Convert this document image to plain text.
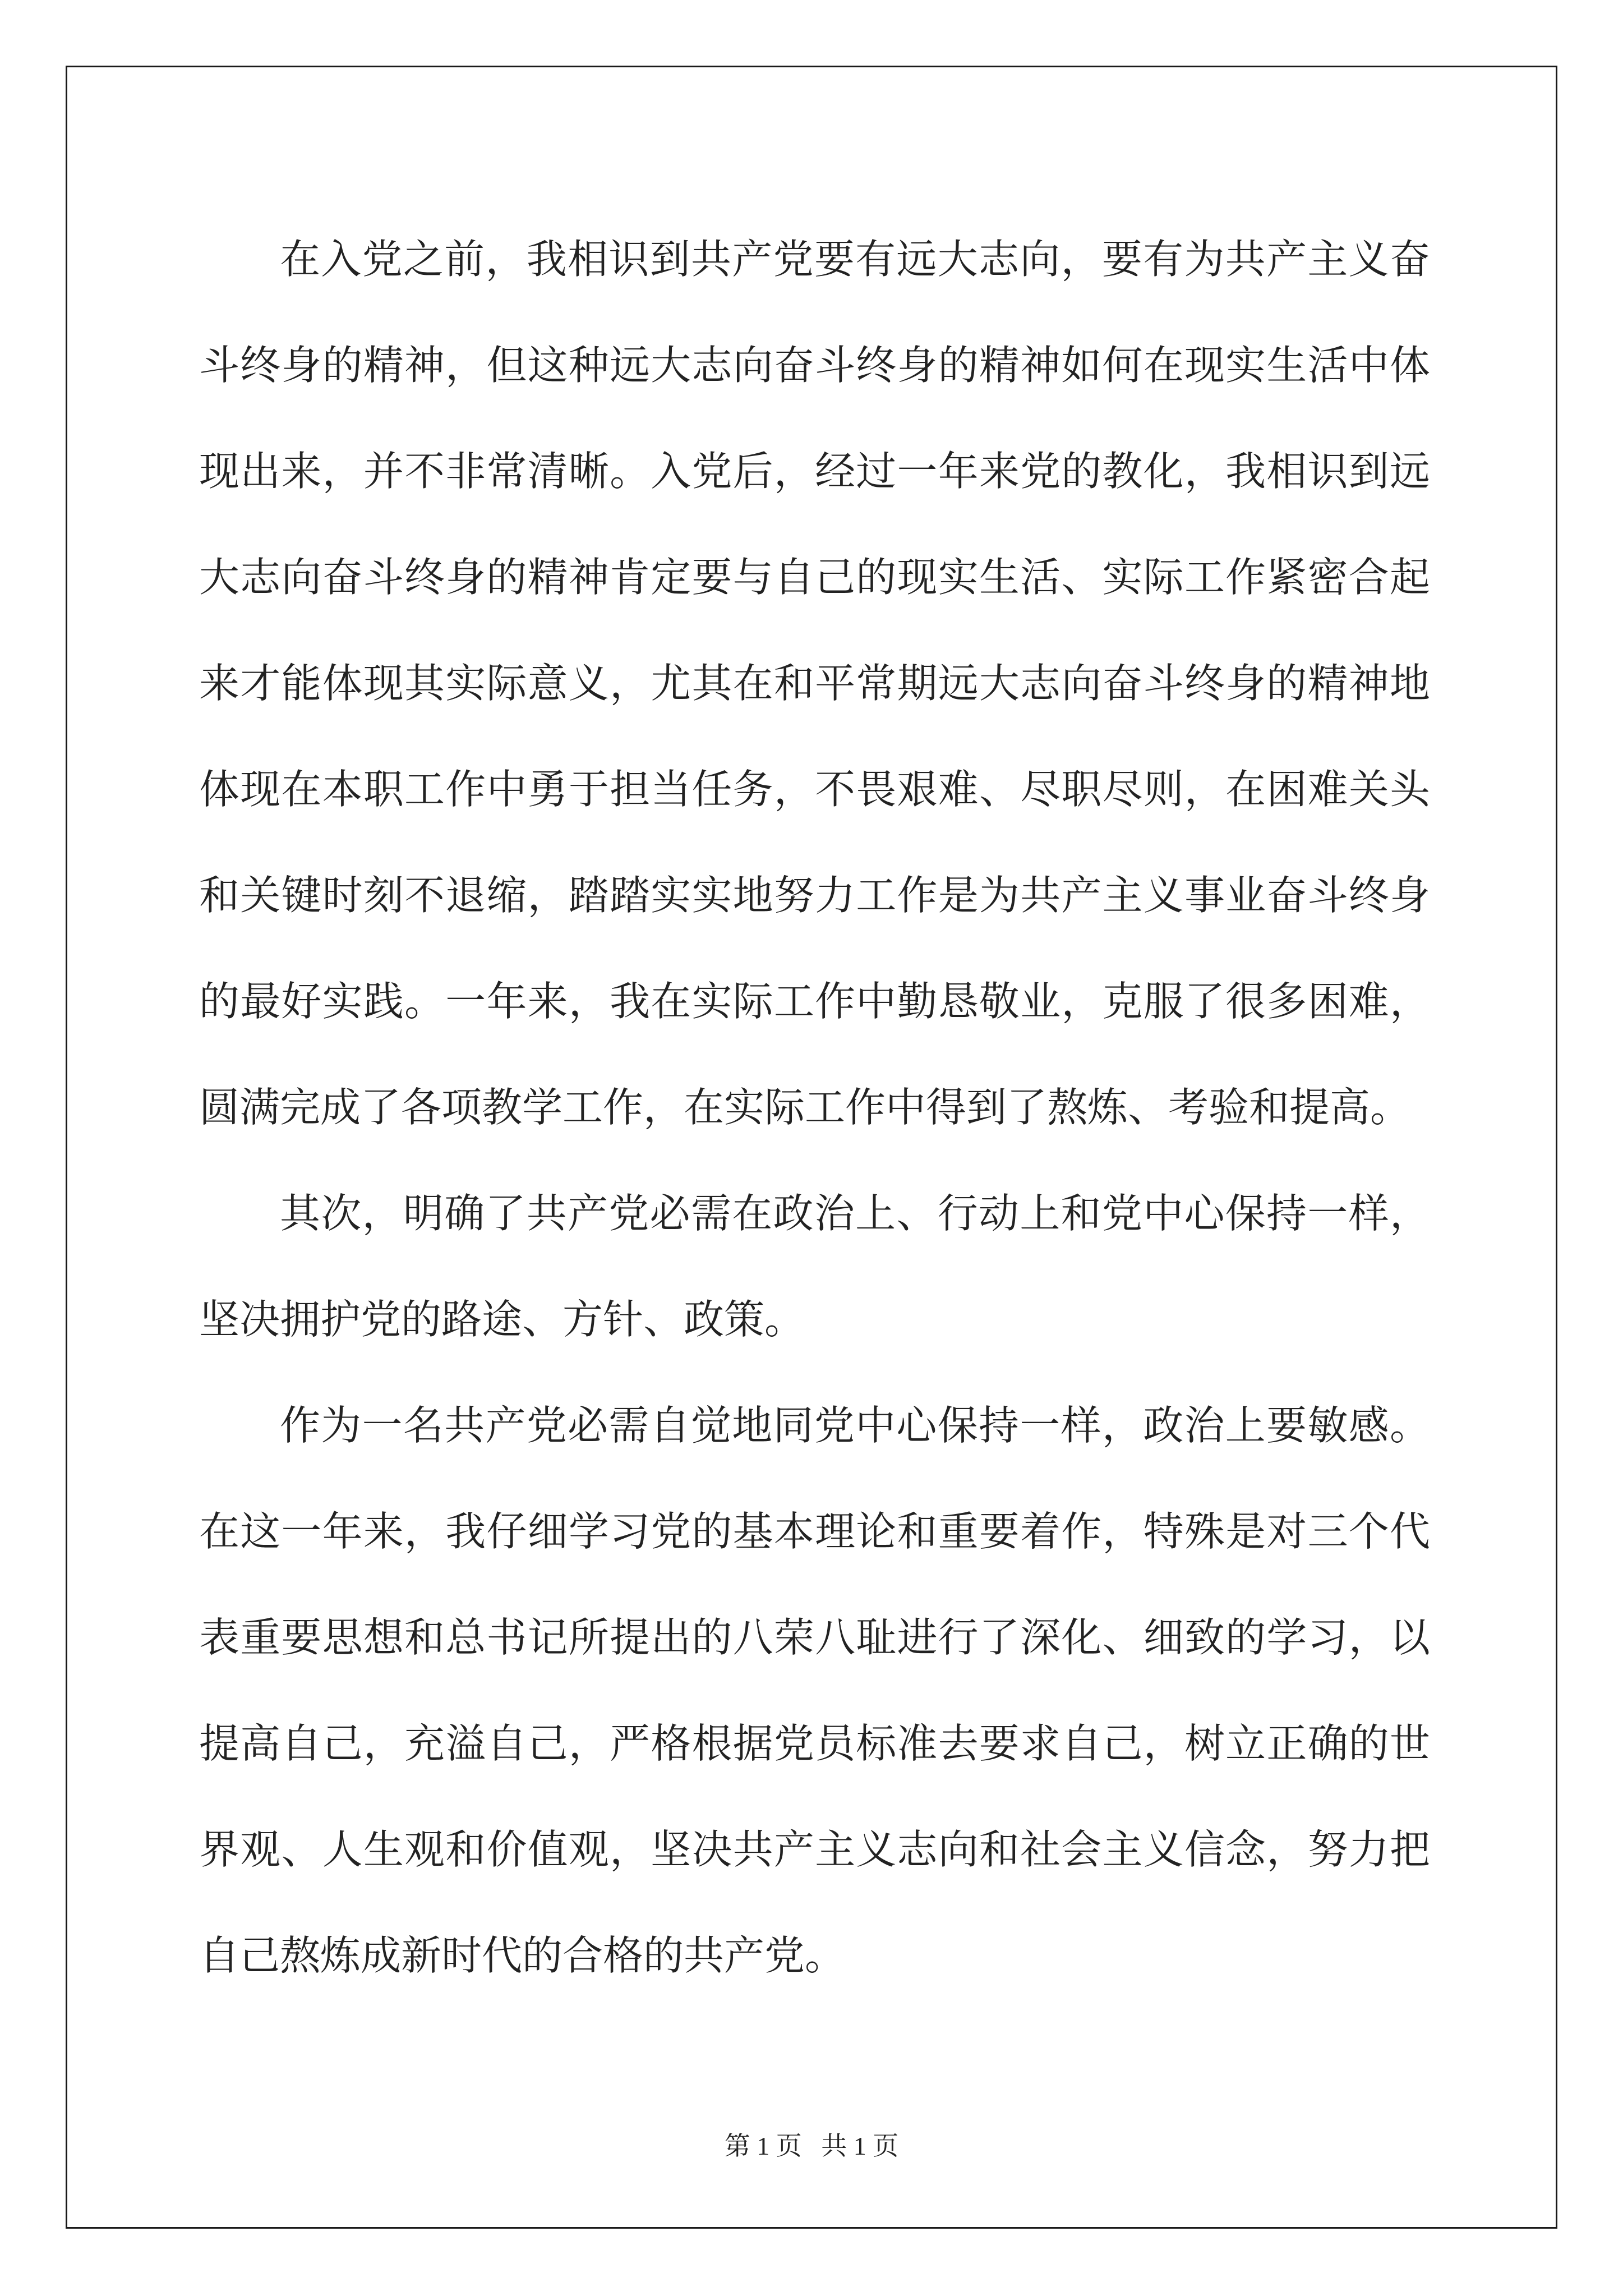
在入党之前，我相识到共产党要有远大志向，要有为共产主义奋斗终身的精神，但这种远大志向奋斗终身的精神如何在现实生活中体现出来，并不非常清晰。入党后，经过一年来党的教化，我相识到远大志向奋斗终身的精神肯定要与自己的现实生活、实际工作紧密合起来才能体现其实际意义，尤其在和平常期远大志向奋斗终身的精神地体现在本职工作中勇于担当任务，不畏艰难、尽职尽则，在困难关头和关键时刻不退缩，踏踏实实地努力工作是为共产主义事业奋斗终身的最好实践。一年来，我在实际工作中勤恳敬业，克服了很多困难，圆满完成了各项教学工作，在实际工作中得到了熬炼、考验和提高。

其次，明确了共产党必需在政治上、行动上和党中心保持一样，坚决拥护党的路途、方针、政策。

作为一名共产党必需自觉地同党中心保持一样，政治上要敏感。在这一年来，我仔细学习党的基本理论和重要着作，特殊是对三个代表重要思想和总书记所提出的八荣八耻进行了深化、细致的学习，以提高自己，充溢自己，严格根据党员标准去要求自己，树立正确的世界观、人生观和价值观，坚决共产主义志向和社会主义信念，努力把自己熬炼成新时代的合格的共产党。

第 1 页   共 1 页
